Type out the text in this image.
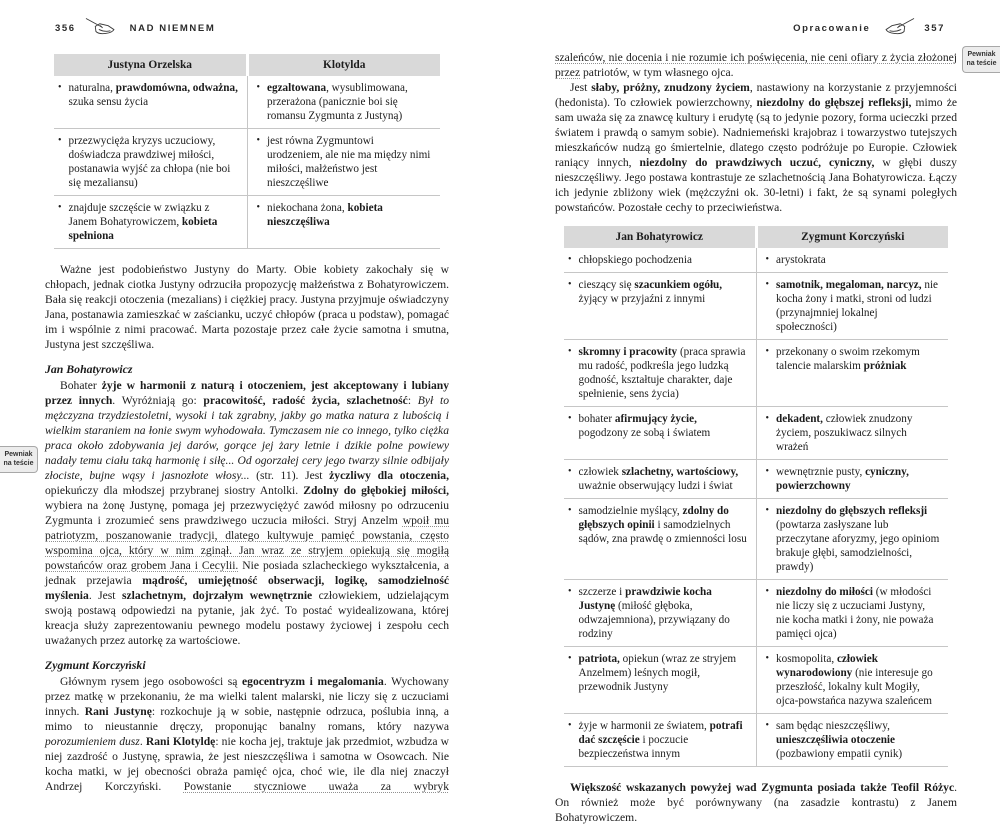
356	NAD NIEMNEM
Justyna Orzelska	Klotylda

• naturalna, prawdomówna, odważna, szuka sensu życia	• egzaltowana, wysublimowana, przerażona (panicznie boi się romansu Zygmunta z Justyną)

• przezwycięża kryzys uczuciowy, doświadcza prawdziwej miłości, postanawia wyjść za chłopa (nie boi się mezaliansu)	• jest równa Zygmuntowi urodzeniem, ale nie ma między nimi miłości, małżeństwo jest nieszczęśliwe

• znajduje szczęście w związku z Janem Bohatyrowiczem, kobieta spełniona	• niekochana żona, kobieta nieszczęśliwa

Ważne jest podobieństwo Justyny do Marty. Obie kobiety zakochały się w chłopach, jednak ciotka Justyny odrzuciła propozycję małżeństwa z Bohatyrowiczem. Bała się reakcji otoczenia (mezalians) i ciężkiej pracy. Justyna przyjmuje oświadczyny Jana, postanawia zamieszkać w zaścianku, uczyć chłopów (praca u podstaw), pomagać im i wspólnie z nimi pracować. Marta pozostaje przez całe życie samotna i smutna, Justyna jest szczęśliwa.

Jan Bohatyrowicz

Bohater żyje w harmonii z naturą i otoczeniem, jest akceptowany i lubiany przez innych. Wyróżniają go: pracowitość, radość życia, szlachetność: Był to mężczyzna trzydziestoletni, wysoki i tak zgrabny, jakby go matka natura z lubością i wielkim staraniem na łonie swym wyhodowała. Tymczasem nie co innego, tylko ciężka praca około zdobywania jej darów, gorące jej żary letnie i dzikie polne powiewy nadały temu ciału taką harmonię i siłę... Od ogorzałej cery jego twarzy silnie odbijały złociste, bujne wąsy i jasnozłote włosy... (str. 11). Jest życzliwy dla otoczenia, opiekuńczy dla młodszej przybranej siostry Antolki. Zdolny do głębokiej miłości, wybiera na żonę Justynę, pomaga jej przezwyciężyć zawód miłosny po odrzuceniu Zygmunta i zrozumieć sens prawdziwego uczucia miłości. Stryj Anzelm wpoił mu patriotyzm, poszanowanie tradycji, dlatego kultywuje pamięć powstania, często wspomina ojca, który w nim zginął. Jan wraz ze stryjem opiekują się mogiłą powstańców oraz grobem Jana i Cecylii. Nie posiada szlacheckiego wykształcenia, a jednak przejawia mądrość, umiejętność obserwacji, logikę, samodzielność myślenia. Jest szlachetnym, dojrzałym wewnętrznie człowiekiem, udzielającym swoją postawą odpowiedzi na pytanie, jak żyć. To postać wyidealizowana, której kreacja służy zaprezentowaniu pewnego modelu postawy życiowej i zespołu cech uważanych przez autorkę za wartościowe.

Zygmunt Korczyński

Głównym rysem jego osobowości są egocentryzm i megalomania. Wychowany przez matkę w przekonaniu, że ma wielki talent malarski, nie liczy się z uczuciami innych. Rani Justynę: rozkochuje ją w sobie, następnie odrzuca, poślubia inną, a mimo to nieustannie dręczy, proponując banalny romans, który nazywa porozumieniem dusz. Rani Klotyldę: nie kocha jej, traktuje jak przedmiot, wzbudza w niej zazdrość o Justynę, sprawia, że jest nieszczęśliwa i samotna w Osowcach. Nie kocha matki, w jej obecności obraża pamięć ojca, choć wie, ile dla niej znaczył Andrzej Korczyński. Powstanie styczniowe uważa za wybryk

Pewniak
na teście
Opracowanie	357

szaleńców, nie docenia i nie rozumie ich poświęcenia, nie ceni ofiary z życia złożonej przez patriotów, w tym własnego ojca.

Jest słaby, próżny, znudzony życiem, nastawiony na korzystanie z przyjemności (hedonista). To człowiek powierzchowny, niezdolny do głębszej refleksji, mimo że sam uważa się za znawcę kultury i erudytę (są to jedynie pozory, forma ucieczki przed światem i prawdą o samym sobie). Nadniemeński krajobraz i towarzystwo tutejszych mieszkańców nudzą go śmiertelnie, dlatego często podróżuje po Europie. Człowiek raniący innych, niezdolny do prawdziwych uczuć, cyniczny, w głębi duszy nieszczęśliwy. Jego postawa kontrastuje ze szlachetnością Jana Bohatyrowicza. Łączy ich jedynie zbliżony wiek (mężczyźni ok. 30-letni) i fakt, że są synami poległych powstańców. Pozostałe cechy to przeciwieństwa.

Jan Bohatyrowicz	Zygmunt Korczyński

• chłopskiego pochodzenia	• arystokrata

• cieszący się szacunkiem ogółu, żyjący w przyjaźni z innymi	• samotnik, megaloman, narcyz, nie kocha żony i matki, stroni od ludzi (przynajmniej lokalnej społeczności)

• skromny i pracowity (praca sprawia mu radość, podkreśla jego ludzką godność, kształtuje charakter, daje spełnienie, sens życia)	• przekonany o swoim rzekomym talencie malarskim próżniak

• bohater afirmujący życie, pogodzony ze sobą i światem	• dekadent, człowiek znudzony życiem, poszukiwacz silnych wrażeń

• człowiek szlachetny, wartościowy, uważnie obserwujący ludzi i świat	• wewnętrznie pusty, cyniczny, powierzchowny

• samodzielnie myślący, zdolny do głębszych opinii i samodzielnych sądów, zna prawdę o zmienności losu	• niezdolny do głębszych refleksji (powtarza zasłyszane lub przeczytane aforyzmy, jego opiniom brakuje głębi, samodzielności, prawdy)

• szczerze i prawdziwie kocha Justynę (miłość głęboka, odwzajemniona), przywiązany do rodziny	• niezdolny do miłości (w młodości nie liczy się z uczuciami Justyny, nie kocha matki i żony, nie poważa pamięci ojca)

• patriota, opiekun (wraz ze stryjem Anzelmem) leśnych mogił, przewodnik Justyny	• kosmopolita, człowiek wynarodowiony (nie interesuje go przeszłość, lokalny kult Mogiły, ojca-powstańca nazywa szaleńcem

• żyje w harmonii ze światem, potrafi dać szczęście i poczucie bezpieczeństwa innym	• sam będąc nieszczęśliwy, unieszczęśliwia otoczenie (pozbawiony empatii cynik)

Większość wskazanych powyżej wad Zygmunta posiada także Teofil Różyc. On również może być porównywany (na zasadzie kontrastu) z Janem Bohatyrowiczem.

Pewniak
na teście
